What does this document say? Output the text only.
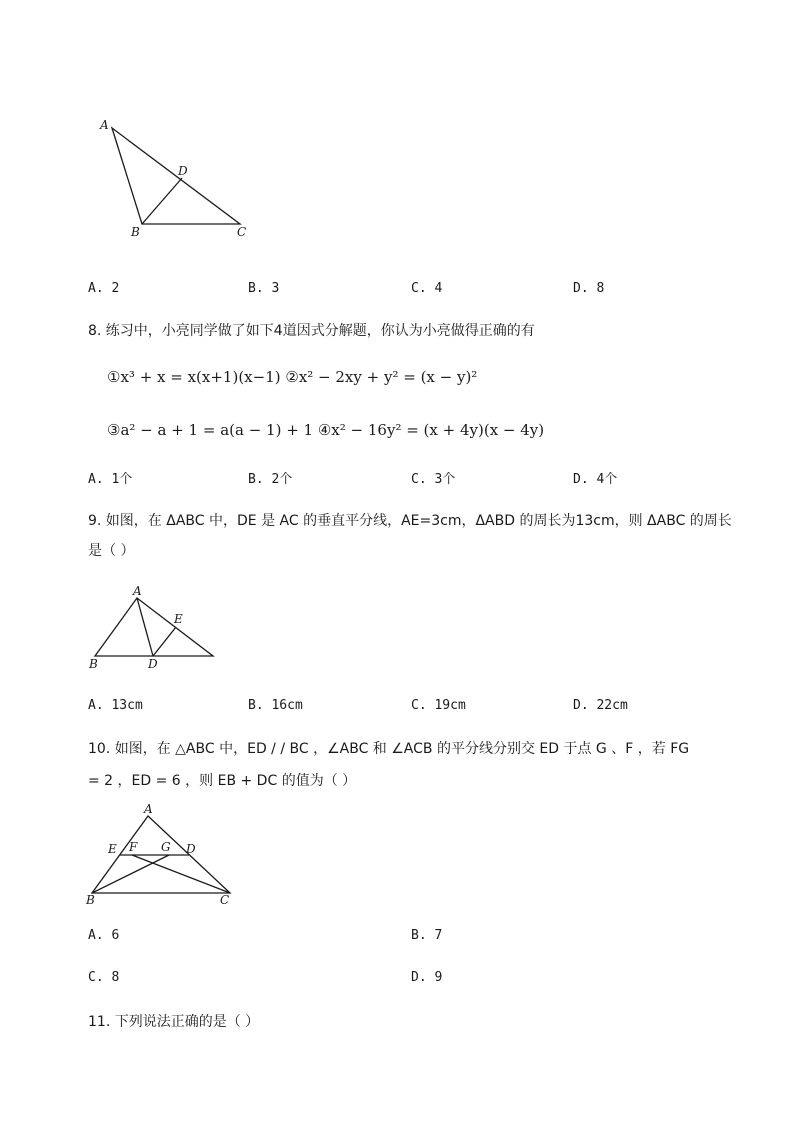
A
D
B	C
A. 2	B. 3	C. 4	D. 8
8. 练习中，小亮同学做了如下4道因式分解题，你认为小亮做得正确的有
①x³ + x = x(x+1)(x−1) ②x² − 2xy + y² = (x − y)²
③a² − a + 1 = a(a − 1) + 1 ④x² − 16y² = (x + 4y)(x − 4y)
A. 1个	B. 2个	C. 3个	D. 4个
9. 如图，在 ΔABC 中，DE 是 AC 的垂直平分线，AE=3cm，ΔABD 的周长为13cm，则 ΔABC 的周长
是（ ）
A
E
B	D
A. 13cm	B. 16cm	C. 19cm	D. 22cm
10. 如图，在 △ABC 中，ED / / BC ，∠ABC 和 ∠ACB 的平分线分别交 ED 于点 G 、F ，若 FG
= 2 ，ED = 6 ，则 EB + DC 的值为（ ）
A
E F G D
B	C
A. 6	B. 7
C. 8	D. 9
11. 下列说法正确的是（ ）
